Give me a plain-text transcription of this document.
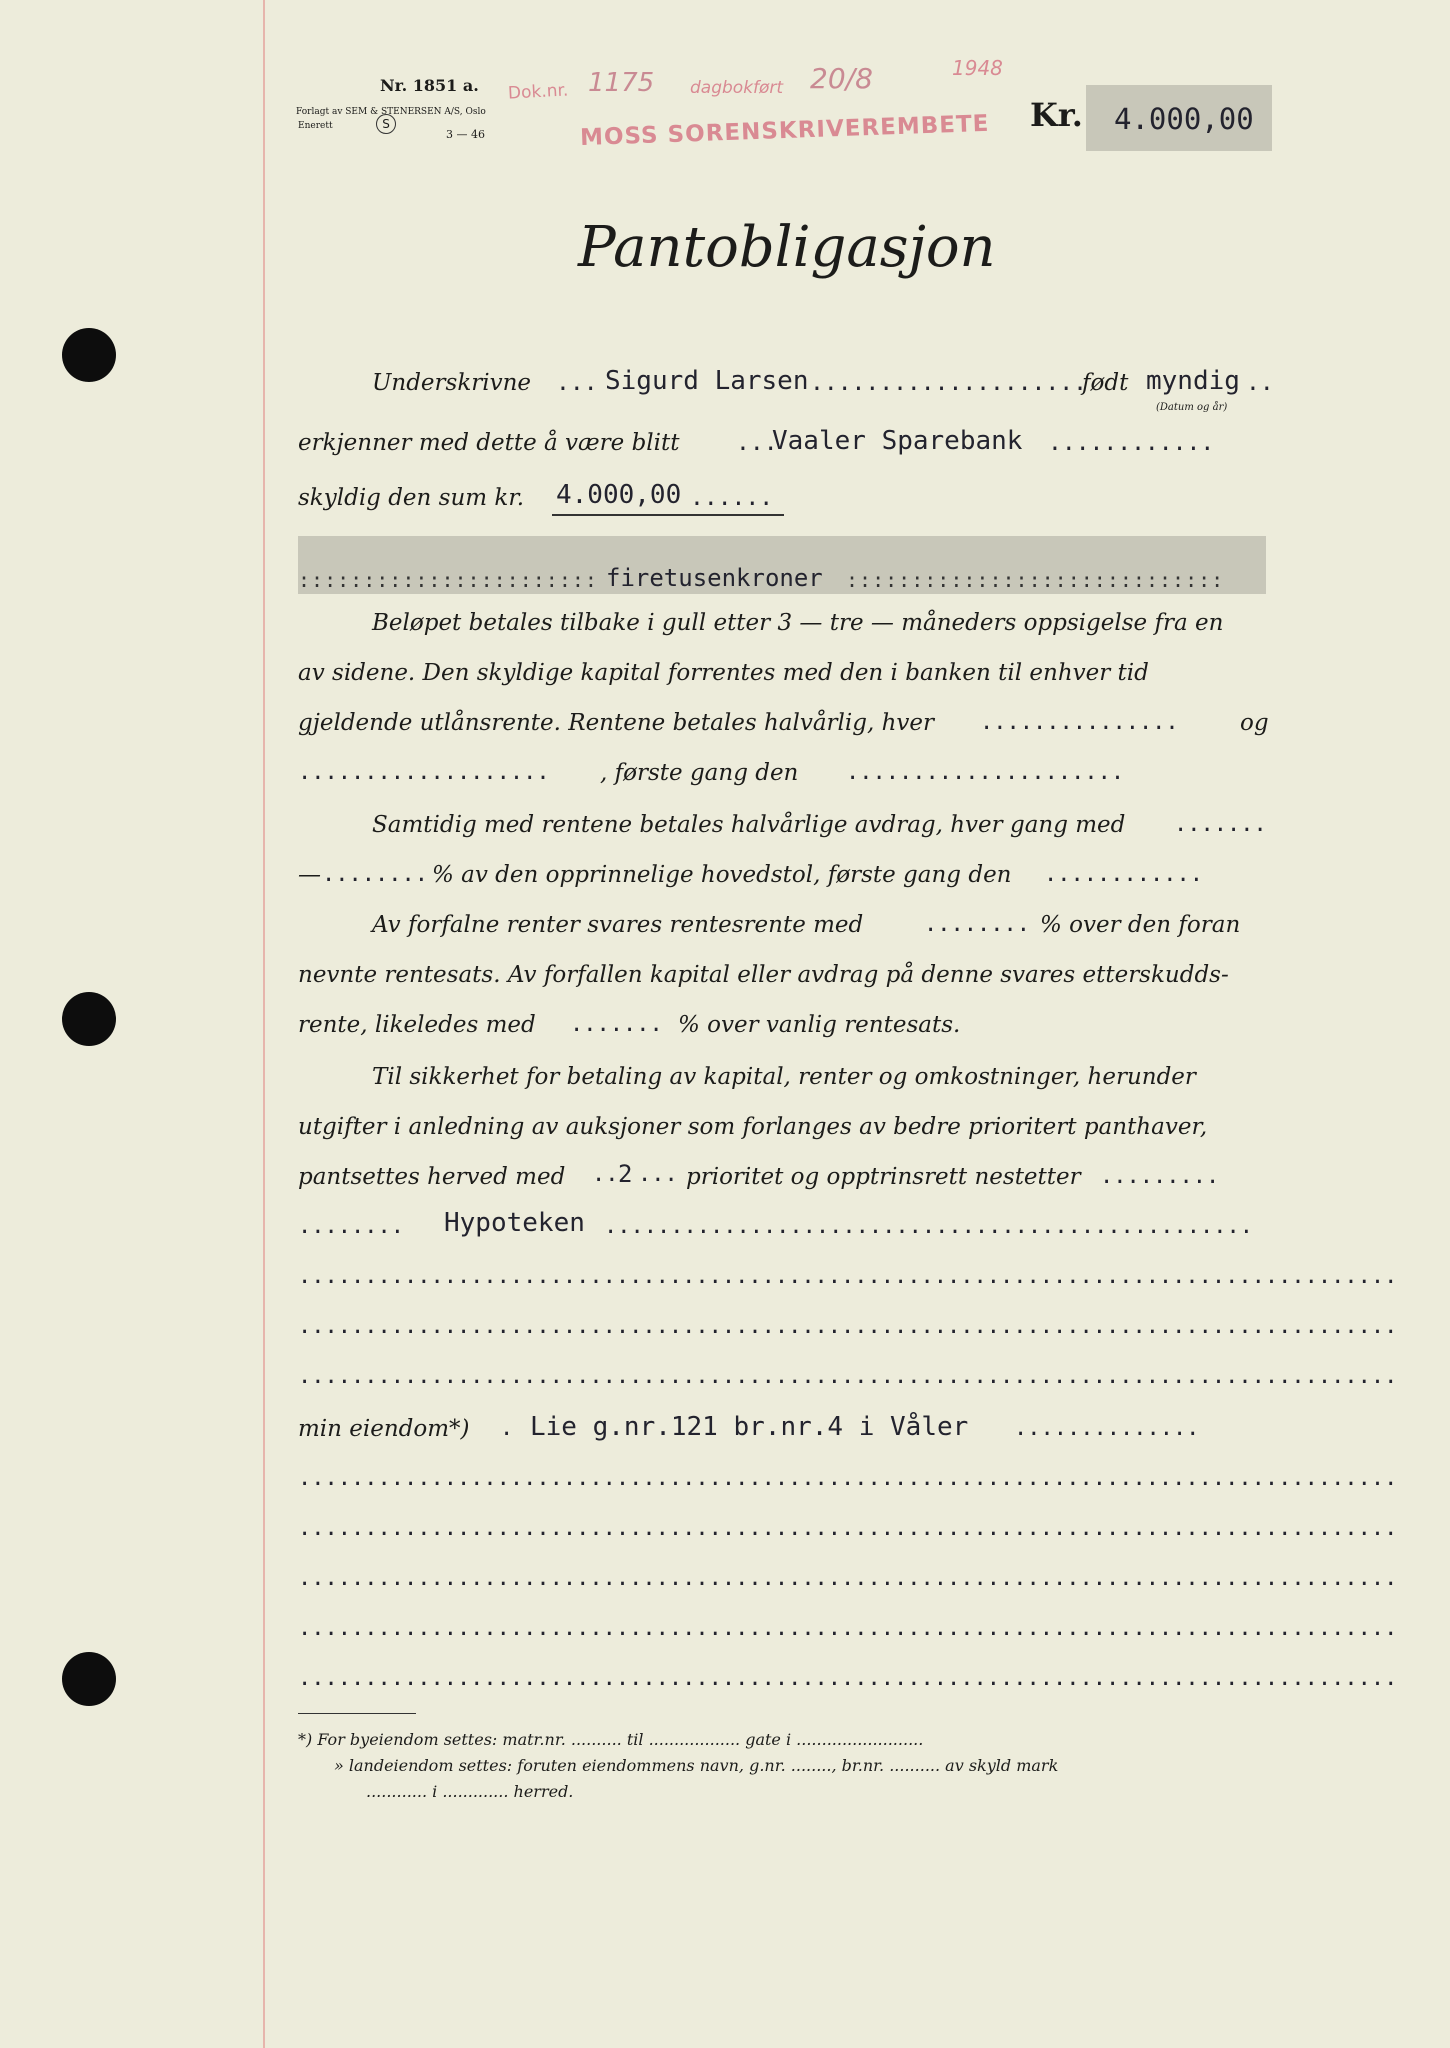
Nr. 1851 a.
Forlagt av SEM & STENERSEN A/S, Oslo
Enerett	S
3 — 46
Dok.nr. 1175 dagbokført 20/8	1948
MOSS SORENSKRIVEREMBETE Kr. 4.000,00
Pantobligasjon
Underskrivne ... Sigurd Larsen ....................
født myndig ..
(Datum og år)
erkjenner med dette å være blitt ...
Vaaler Sparebank ............
skyldig den sum kr. 4.000,00 ......
::::::::::::::::::::::: firetusenkroner :::::::::::::::::::::::::::::
Beløpet betales tilbake i gull etter 3 — tre — måneders oppsigelse fra en
av sidene. Den skyldige kapital forrentes med den i banken til enhver tid
gjeldende utlånsrente. Rentene betales halvårlig, hver ...............	og
................... , første gang den .....................
Samtidig med rentene betales halvårlige avdrag, hver gang med .......
— ........ % av den opprinnelige hovedstol, første gang den ............
Av forfalne renter svares rentesrente med	........ % over den foran
nevnte rentesats. Av forfallen kapital eller avdrag på denne svares etterskudds-
rente, likeledes med ....... % over vanlig rentesats.
Til sikkerhet for betaling av kapital, renter og omkostninger, herunder
utgifter i anledning av auksjoner som forlanges av bedre prioritert panthaver,
pantsettes herved med .. 2 ... prioritet og opptrinsrett nestetter .........
........ Hypoteken .................................................
...................................................................................
...................................................................................
...................................................................................
min eiendom*) . Lie g.nr.121 br.nr.4 i Våler ..............
...................................................................................
...................................................................................
...................................................................................
...................................................................................
...................................................................................
*) For byeiendom settes: matr.nr. .......... til .................. gate i .........................
» landeiendom settes: foruten eiendommens navn, g.nr. ........, br.nr. .......... av skyld mark
............ i ............. herred.
